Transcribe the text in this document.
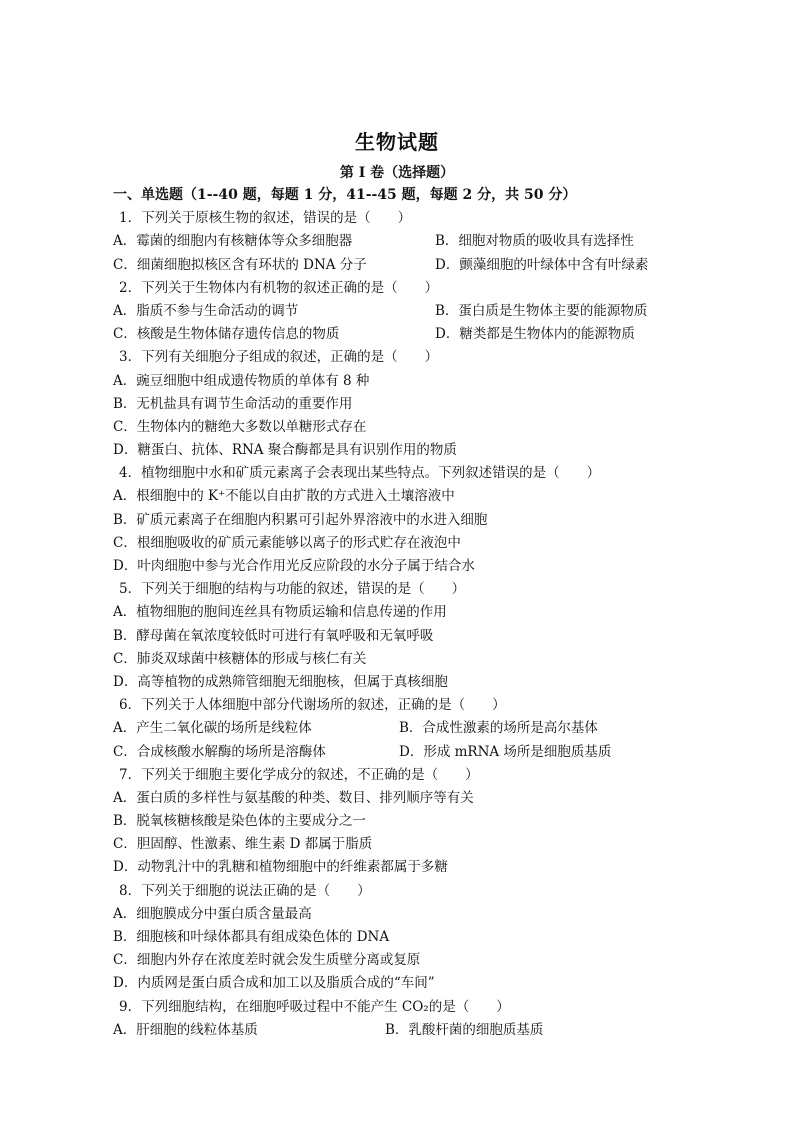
生物试题
第 I 卷（选择题）
一、单选题（1--40 题，每题 1 分，41--45 题，每题 2 分，共 50 分）
1．下列关于原核生物的叙述，错误的是（　　）
A．霉菌的细胞内有核糖体等众多细胞器	B．细胞对物质的吸收具有选择性
C．细菌细胞拟核区含有环状的 DNA 分子	D．颤藻细胞的叶绿体中含有叶绿素
2．下列关于生物体内有机物的叙述正确的是（　　）
A．脂质不参与生命活动的调节	B．蛋白质是生物体主要的能源物质
C．核酸是生物体储存遗传信息的物质	D．糖类都是生物体内的能源物质
3．下列有关细胞分子组成的叙述，正确的是（　　）
A．豌豆细胞中组成遗传物质的单体有 8 种
B．无机盐具有调节生命活动的重要作用
C．生物体内的糖绝大多数以单糖形式存在
D．糖蛋白、抗体、RNA 聚合酶都是具有识别作用的物质
4．植物细胞中水和矿质元素离子会表现出某些特点。下列叙述错误的是（　　）
A．根细胞中的 K⁺不能以自由扩散的方式进入土壤溶液中
B．矿质元素离子在细胞内积累可引起外界溶液中的水进入细胞
C．根细胞吸收的矿质元素能够以离子的形式贮存在液泡中
D．叶肉细胞中参与光合作用光反应阶段的水分子属于结合水
5．下列关于细胞的结构与功能的叙述，错误的是（　　）
A．植物细胞的胞间连丝具有物质运输和信息传递的作用
B．酵母菌在氧浓度较低时可进行有氧呼吸和无氧呼吸
C．肺炎双球菌中核糖体的形成与核仁有关
D．高等植物的成熟筛管细胞无细胞核，但属于真核细胞
6．下列关于人体细胞中部分代谢场所的叙述，正确的是（　　）
A．产生二氧化碳的场所是线粒体	B．合成性激素的场所是高尔基体
C．合成核酸水解酶的场所是溶酶体	D．形成 mRNA 场所是细胞质基质
7．下列关于细胞主要化学成分的叙述，不正确的是（　　）
A．蛋白质的多样性与氨基酸的种类、数目、排列顺序等有关
B．脱氧核糖核酸是染色体的主要成分之一
C．胆固醇、性激素、维生素 D 都属于脂质
D．动物乳汁中的乳糖和植物细胞中的纤维素都属于多糖
8．下列关于细胞的说法正确的是（　　）
A．细胞膜成分中蛋白质含量最高
B．细胞核和叶绿体都具有组成染色体的 DNA
C．细胞内外存在浓度差时就会发生质壁分离或复原
D．内质网是蛋白质合成和加工以及脂质合成的“车间”
9．下列细胞结构，在细胞呼吸过程中不能产生 CO₂的是（　　）
A．肝细胞的线粒体基质	B．乳酸杆菌的细胞质基质
